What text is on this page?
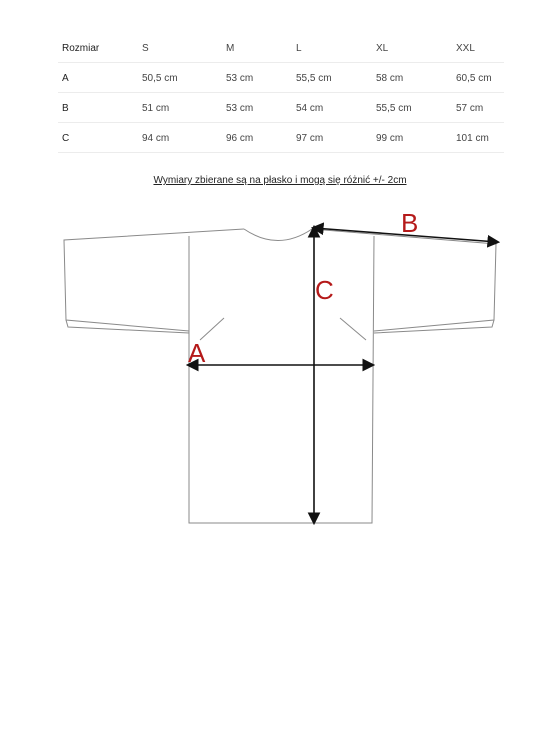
Rozmiar	S	M	L	XL	XXL
A	50,5 cm	53 cm	55,5 cm	58 cm	60,5 cm
B	51 cm	53 cm	54 cm	55,5 cm	57 cm
C	94 cm	96 cm	97 cm	99 cm	101 cm
Wymiary zbierane są na płasko i mogą się różnić +/- 2cm
A
B
C
